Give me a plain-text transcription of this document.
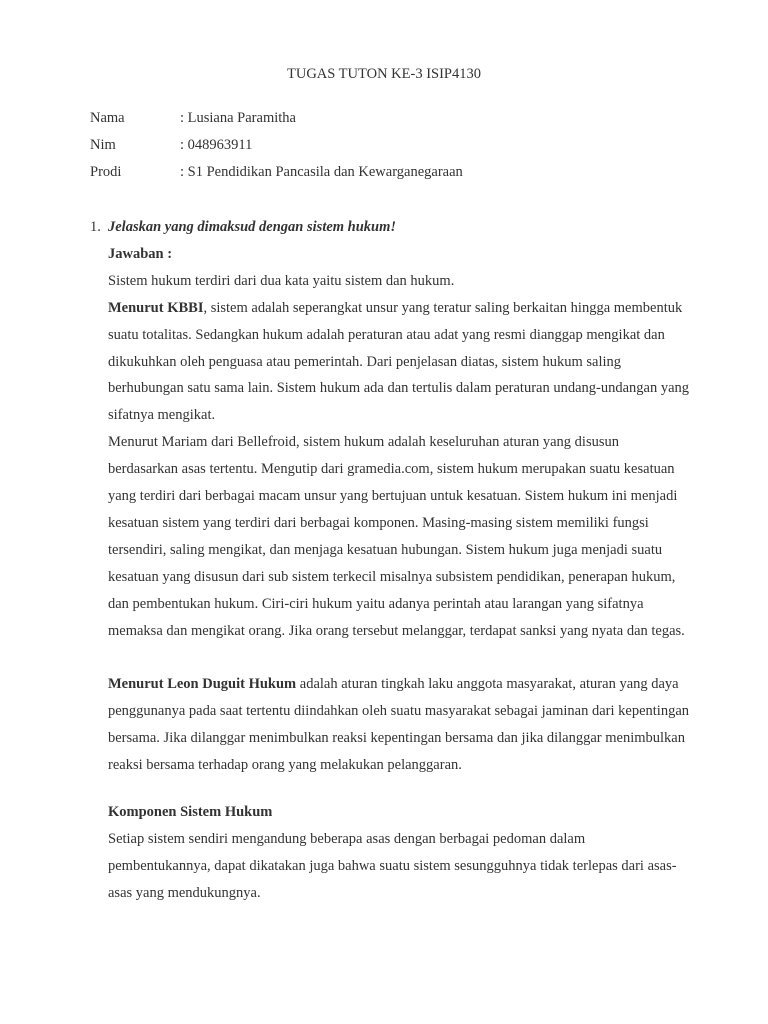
TUGAS TUTON KE-3 ISIP4130
Nama	: Lusiana Paramitha
Nim	: 048963911
Prodi	: S1 Pendidikan Pancasila dan Kewarganegaraan
1. Jelaskan yang dimaksud dengan sistem hukum!

Jawaban :

Sistem hukum terdiri dari dua kata yaitu sistem dan hukum.

Menurut KBBI, sistem adalah seperangkat unsur yang teratur saling berkaitan hingga membentuk suatu totalitas. Sedangkan hukum adalah peraturan atau adat yang resmi dianggap mengikat dan dikukuhkan oleh penguasa atau pemerintah. Dari penjelasan diatas, sistem hukum saling berhubungan satu sama lain. Sistem hukum ada dan tertulis dalam peraturan undang-undangan yang sifatnya mengikat.

Menurut Mariam dari Bellefroid, sistem hukum adalah keseluruhan aturan yang disusun berdasarkan asas tertentu. Mengutip dari gramedia.com, sistem hukum merupakan suatu kesatuan yang terdiri dari berbagai macam unsur yang bertujuan untuk kesatuan. Sistem hukum ini menjadi kesatuan sistem yang terdiri dari berbagai komponen. Masing-masing sistem memiliki fungsi tersendiri, saling mengikat, dan menjaga kesatuan hubungan. Sistem hukum juga menjadi suatu kesatuan yang disusun dari sub sistem terkecil misalnya subsistem pendidikan, penerapan hukum, dan pembentukan hukum. Ciri-ciri hukum yaitu adanya perintah atau larangan yang sifatnya memaksa dan mengikat orang. Jika orang tersebut melanggar, terdapat sanksi yang nyata dan tegas.

Menurut Leon Duguit Hukum adalah aturan tingkah laku anggota masyarakat, aturan yang daya penggunanya pada saat tertentu diindahkan oleh suatu masyarakat sebagai jaminan dari kepentingan bersama. Jika dilanggar menimbulkan reaksi kepentingan bersama dan jika dilanggar menimbulkan reaksi bersama terhadap orang yang melakukan pelanggaran.

Komponen Sistem Hukum

Setiap sistem sendiri mengandung beberapa asas dengan berbagai pedoman dalam pembentukannya, dapat dikatakan juga bahwa suatu sistem sesungguhnya tidak terlepas dari asas-asas yang mendukungnya.
